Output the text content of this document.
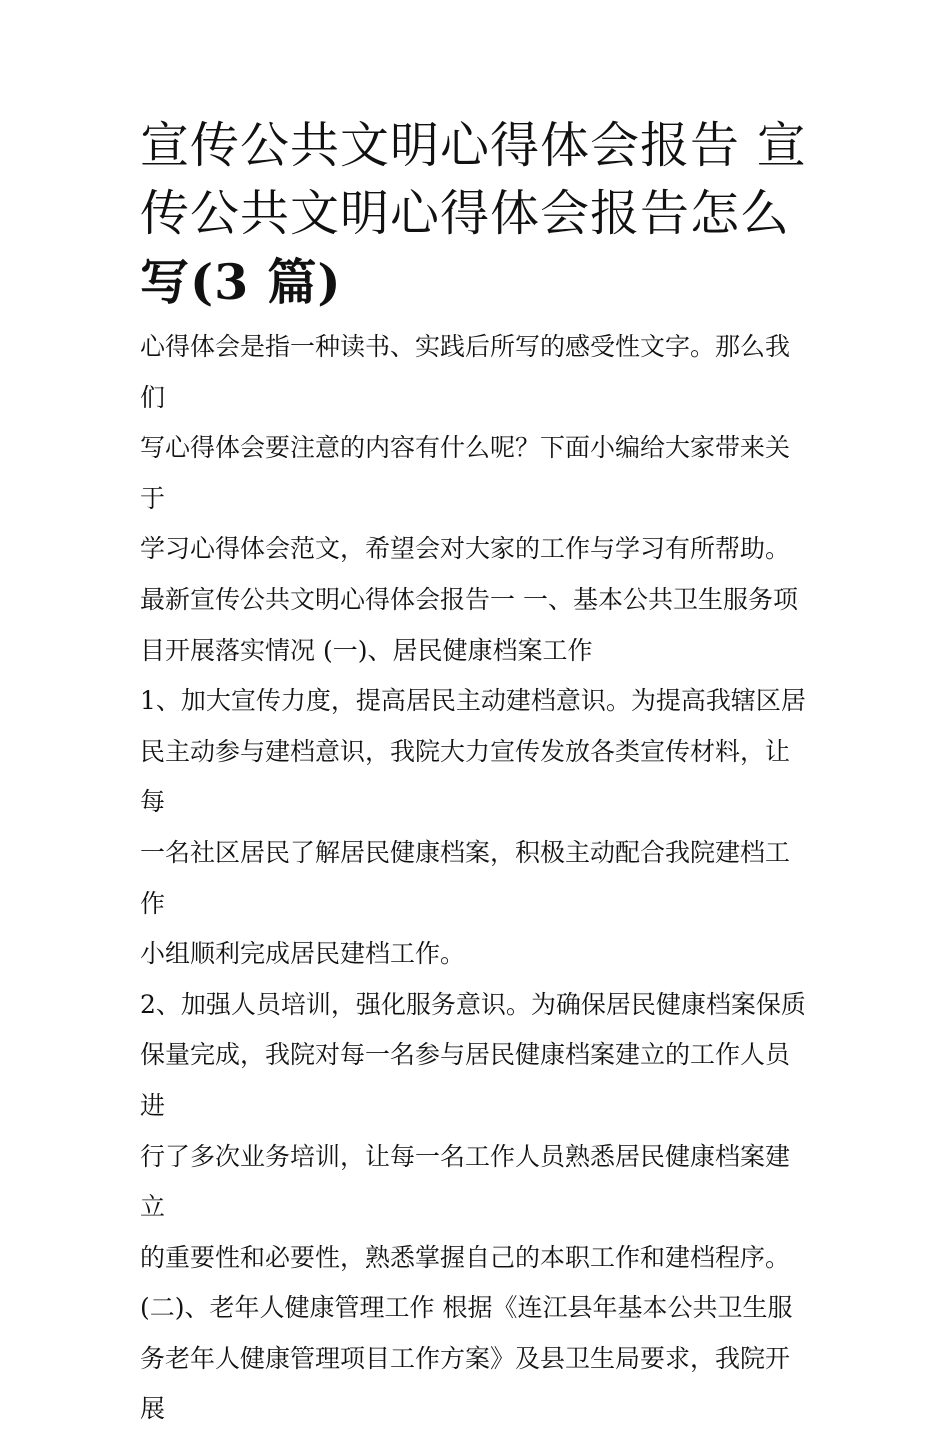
宣传公共文明心得体会报告 宣
传公共文明心得体会报告怎么
写(3 篇)

心得体会是指一种读书、实践后所写的感受性文字。那么我们
写心得体会要注意的内容有什么呢？下面小编给大家带来关于
学习心得体会范文，希望会对大家的工作与学习有所帮助。

最新宣传公共文明心得体会报告一 一、基本公共卫生服务项
目开展落实情况 (一)、居民健康档案工作

1、加大宣传力度，提高居民主动建档意识。为提高我辖区居
民主动参与建档意识，我院大力宣传发放各类宣传材料，让每
一名社区居民了解居民健康档案，积极主动配合我院建档工作
小组顺利完成居民建档工作。

2、加强人员培训，强化服务意识。为确保居民健康档案保质
保量完成，我院对每一名参与居民健康档案建立的工作人员进
行了多次业务培训，让每一名工作人员熟悉居民健康档案建立
的重要性和必要性，熟悉掌握自己的本职工作和建档程序。

(二)、老年人健康管理工作 根据《连江县年基本公共卫生服
务老年人健康管理项目工作方案》及县卫生局要求，我院开展
